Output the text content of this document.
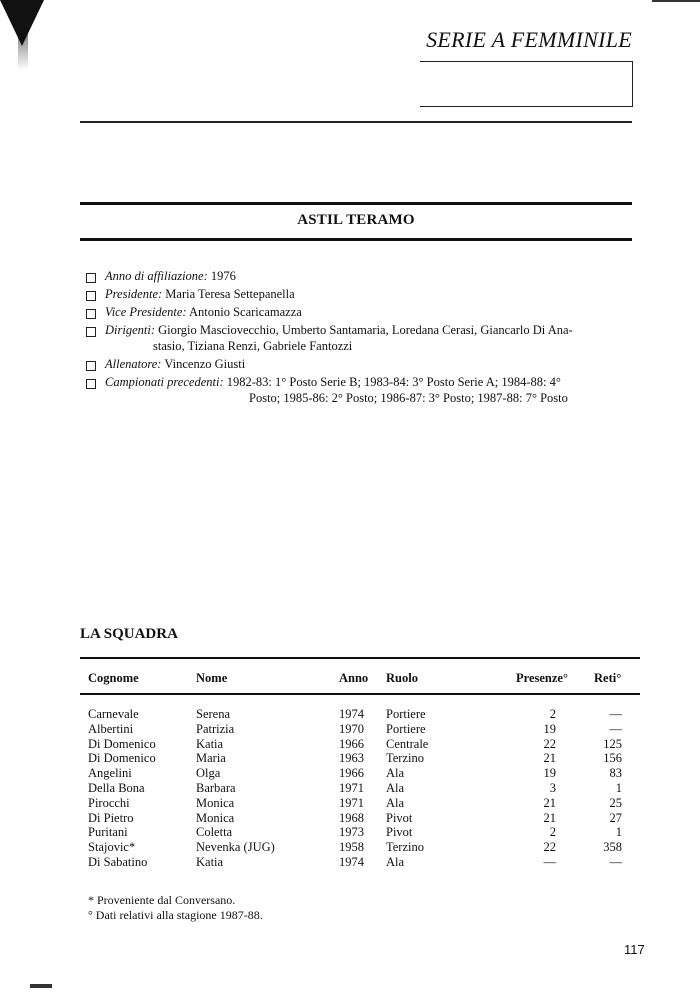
SERIE A FEMMINILE
ASTIL TERAMO
Anno di affiliazione: 1976
Presidente: Maria Teresa Settepanella
Vice Presidente: Antonio Scaricamazza
Dirigenti: Giorgio Masciovecchio, Umberto Santamaria, Loredana Cerasi, Giancarlo Di Ana-
stasio, Tiziana Renzi, Gabriele Fantozzi
Allenatore: Vincenzo Giusti
Campionati precedenti: 1982-83: 1° Posto Serie B; 1983-84: 3° Posto Serie A; 1984-88: 4°
Posto; 1985-86: 2° Posto; 1986-87: 3° Posto; 1987-88: 7° Posto
LA SQUADRA
Cognome	Nome	Anno Ruolo	Presenze° Reti°
Carnevale	Serena	1974 Portiere	2	—
Albertini	Patrizia	1970 Portiere	19	—
Di Domenico	Katia	1966 Centrale	22	125
Di Domenico	Maria	1963 Terzino	21	156
Angelini	Olga	1966 Ala	19	83
Della Bona	Barbara	1971 Ala	3	1
Pirocchi	Monica	1971 Ala	21	25
Di Pietro	Monica	1968 Pivot	21	27
Puritani	Coletta	1973 Pivot	2	1
Stajovic*	Nevenka (JUG)	1958 Terzino	22	358
Di Sabatino	Katia	1974 Ala	—	—
* Proveniente dal Conversano.
° Dati relativi alla stagione 1987-88.
117
